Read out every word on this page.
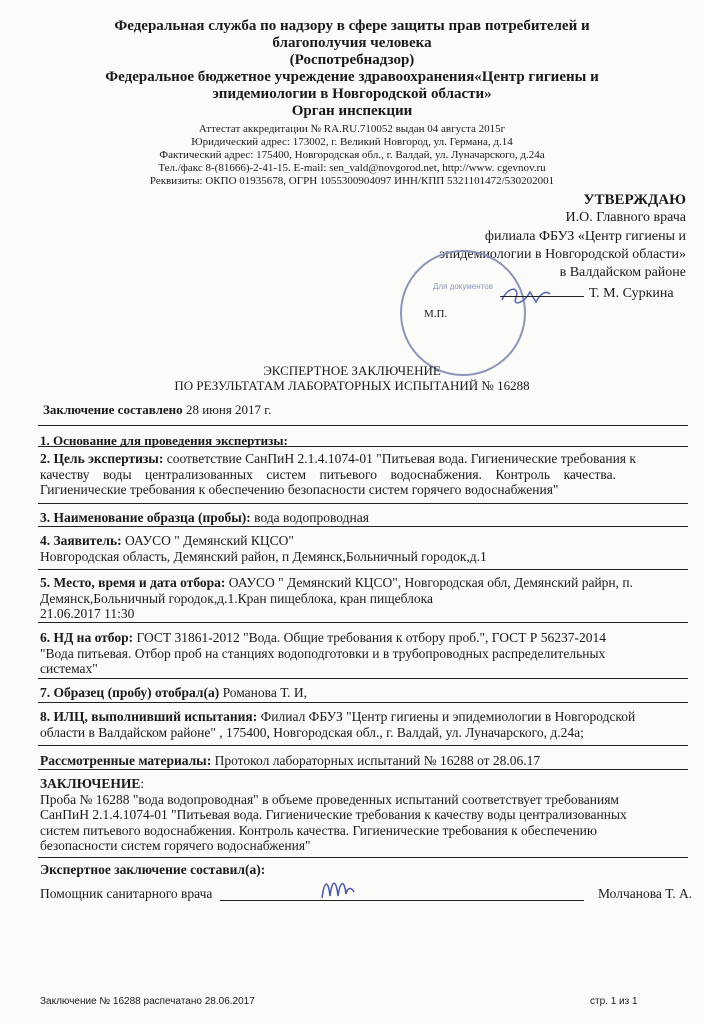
Федеральная служба по надзору в сфере защиты прав потребителей и
благополучия человека
(Роспотребнадзор)
Федеральное бюджетное учреждение здравоохранения«Центр гигиены и
эпидемиологии в Новгородской области»
Орган инспекции
Аттестат аккредитации № RA.RU.710052 выдан 04 августа 2015г
Юридический адрес: 173002, г. Великий Новгород, ул. Германа, д.14
Фактический адрес: 175400, Новгородская обл., г. Валдай, ул. Луначарского, д.24а
Тел./факс 8-(81666)-2-41-15. E-mail: sen_vald@novgorod.net, http://www. cgevnov.ru
Реквизиты: ОКПО 01935678, ОГРН 1055300904097 ИНН/КПП 5321101472/530202001
УТВЕРЖДАЮ
И.О. Главного врача
филиала ФБУЗ «Центр гигиены и
эпидемиологии в Новгородской области»
в Валдайском районе
Для документов	Т. М. Суркина
М.П.
ЭКСПЕРТНОЕ ЗАКЛЮЧЕНИЕ
ПО РЕЗУЛЬТАТАМ ЛАБОРАТОРНЫХ ИСПЫТАНИЙ № 16288
Заключение составлено 28 июня 2017 г.
1. Основание для проведения экспертизы:
2. Цель экспертизы: соответствие СанПиН 2.1.4.1074-01 "Питьевая вода. Гигиенические требования к
качеству    воды    централизованных    систем    питьевого    водоснабжения.    Контроль    качества.
Гигиенические требования к обеспечению безопасности систем горячего водоснабжения"
3. Наименование образца (пробы): вода водопроводная
4. Заявитель: ОАУСО " Демянский КЦСО"
Новгородская область, Демянский район, п Демянск,Больничный городок,д.1
5. Место, время и дата отбора: ОАУСО " Демянский КЦСО", Новгородская обл, Демянский райрн, п.
Демянск,Больничный городок,д.1.Кран пищеблока, кран пищеблока
21.06.2017 11:30
6. НД на отбор: ГОСТ 31861-2012 "Вода. Общие требования к отбору проб.", ГОСТ Р 56237-2014
"Вода питьевая. Отбор проб на станциях водоподготовки и в трубопроводных распределительных
системах"
7. Образец (пробу) отобрал(а) Романова Т. И,
8. ИЛЦ, выполнивший испытания: Филиал ФБУЗ "Центр гигиены и эпидемиологии в Новгородской
области в Валдайском районе" , 175400, Новгородская обл., г. Валдай, ул. Луначарского, д.24а;
Рассмотренные материалы: Протокол лабораторных испытаний № 16288 от 28.06.17
ЗАКЛЮЧЕНИЕ:
Проба № 16288 "вода водопроводная" в объеме проведенных испытаний соответствует требованиям
СанПиН 2.1.4.1074-01 "Питьевая вода. Гигиенические требования к качеству воды централизованных
систем питьевого водоснабжения. Контроль качества. Гигиенические требования к обеспечению
безопасности систем горячего водоснабжения"
Экспертное заключение составил(а):
Помощник санитарного врача	Молчанова Т. А.
Заключение № 16288 распечатано 28.06.2017	стр. 1 из 1
